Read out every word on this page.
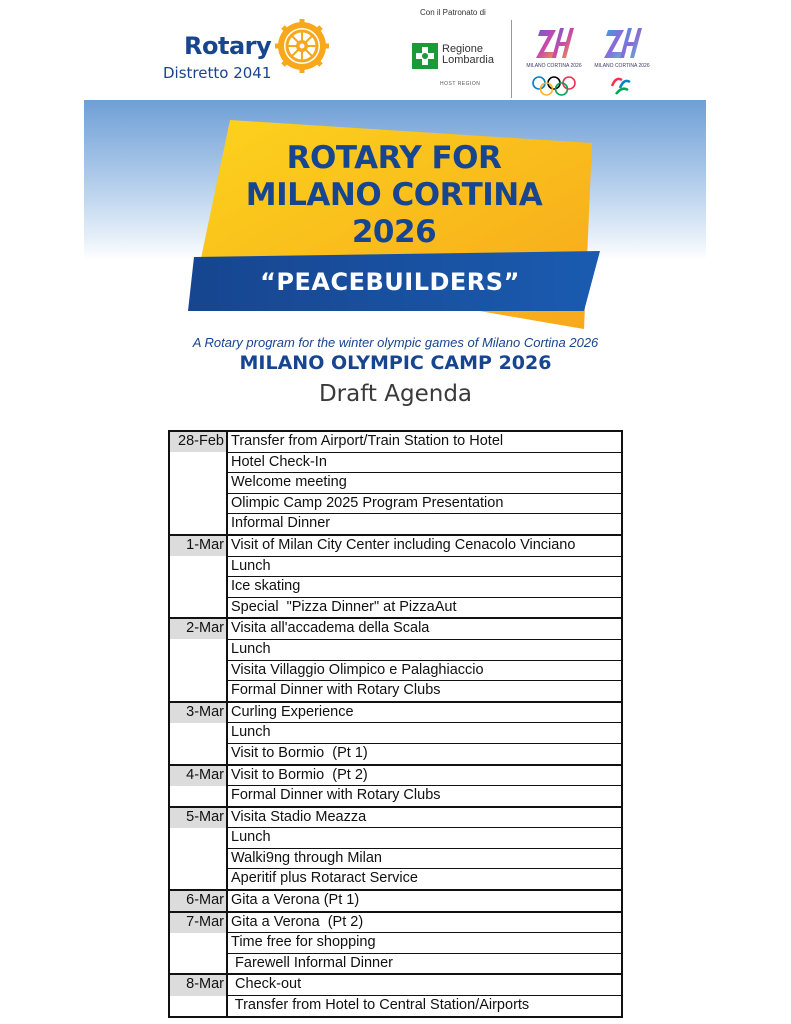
Rotary
Distretto 2041
Con il Patronato di
Regione
Lombardia
HOST REGION
MILANO CORTINA 2026	MILANO CORTINA 2026
ROTARY FOR
MILANO CORTINA
2026
“PEACEBUILDERS”
A Rotary program for the winter olympic games of Milano Cortina 2026
MILANO OLYMPIC CAMP 2026
Draft Agenda
28-Feb	Transfer from Airport/Train Station to Hotel
	Hotel Check-In
	Welcome meeting
	Olimpic Camp 2025 Program Presentation
	Informal Dinner
1-Mar	Visit of Milan City Center including Cenacolo Vinciano
	Lunch
	Ice skating
	Special  "Pizza Dinner" at PizzaAut
2-Mar	Visita all'accadema della Scala
	Lunch
	Visita Villaggio Olimpico e Palaghiaccio
	Formal Dinner with Rotary Clubs
3-Mar	Curling Experience
	Lunch
	Visit to Bormio  (Pt 1)
4-Mar	Visit to Bormio  (Pt 2)
	Formal Dinner with Rotary Clubs
5-Mar	Visita Stadio Meazza
	Lunch
	Walki9ng through Milan
	Aperitif plus Rotaract Service
6-Mar	Gita a Verona (Pt 1)
7-Mar	Gita a Verona  (Pt 2)
	Time free for shopping
	Farewell Informal Dinner
8-Mar	Check-out
	Transfer from Hotel to Central Station/Airports
